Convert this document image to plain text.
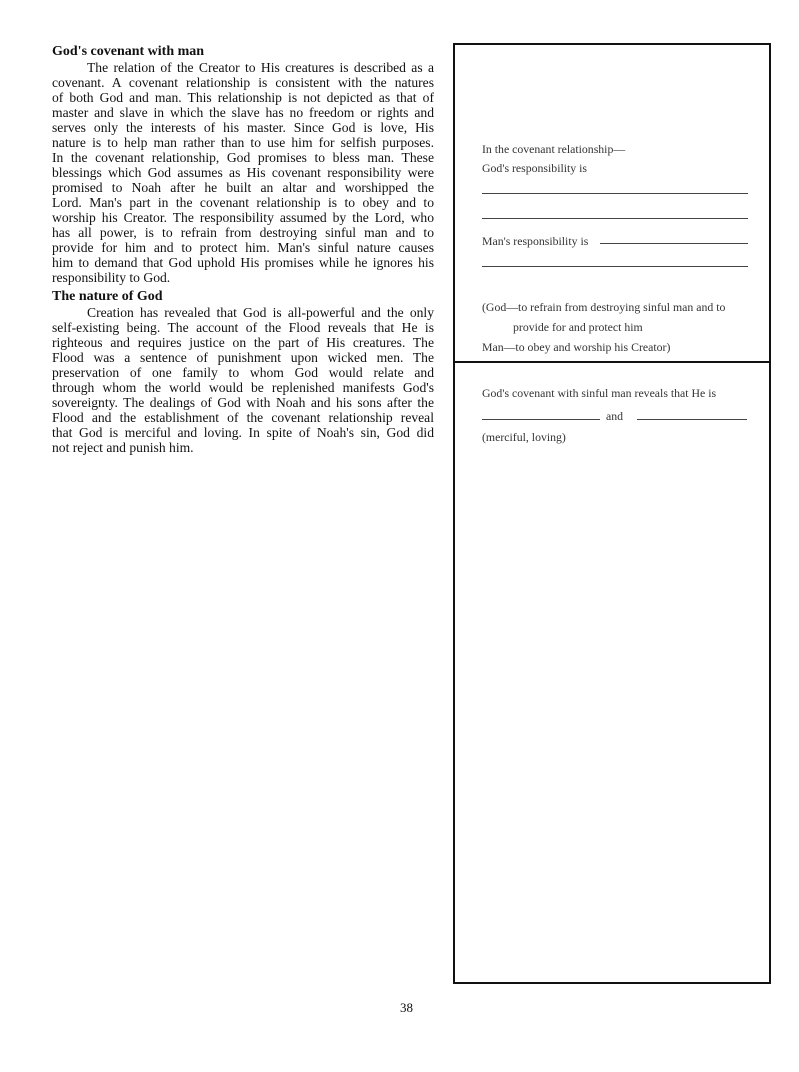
God's covenant with man
The relation of the Creator to His creatures is described as a
covenant. A covenant relationship is consistent with the natures
of both God and man. This relationship is not depicted as that of
master and slave in which the slave has no freedom or rights and
serves only the interests of his master. Since God is love, His
nature is to help man rather than to use him for selfish purposes.
In the covenant relationship, God promises to bless man. These
blessings which God assumes as His covenant responsibility were
promised to Noah after he built an altar and worshipped the
Lord. Man's part in the covenant relationship is to obey and to
worship his Creator. The responsibility assumed by the Lord, who
has all power, is to refrain from destroying sinful man and to
provide for him and to protect him. Man's sinful nature causes
him to demand that God uphold His promises while he ignores his
responsibility to God.
The nature of God
Creation has revealed that God is all-powerful and the only
self-existing being. The account of the Flood reveals that He is
righteous and requires justice on the part of His creatures. The
Flood was a sentence of punishment upon wicked men. The
preservation of one family to whom God would relate and
through whom the world would be replenished manifests God's
sovereignty. The dealings of God with Noah and his sons after the
Flood and the establishment of the covenant relationship reveal
that God is merciful and loving. In spite of Noah's sin, God did
not reject and punish him.
In the covenant relationship—
God's responsibility is
Man's responsibility is
(God—to refrain from destroying sinful man and to
provide for and protect him
Man—to obey and worship his Creator)
God's covenant with sinful man reveals that He is
and
(merciful, loving)
38
